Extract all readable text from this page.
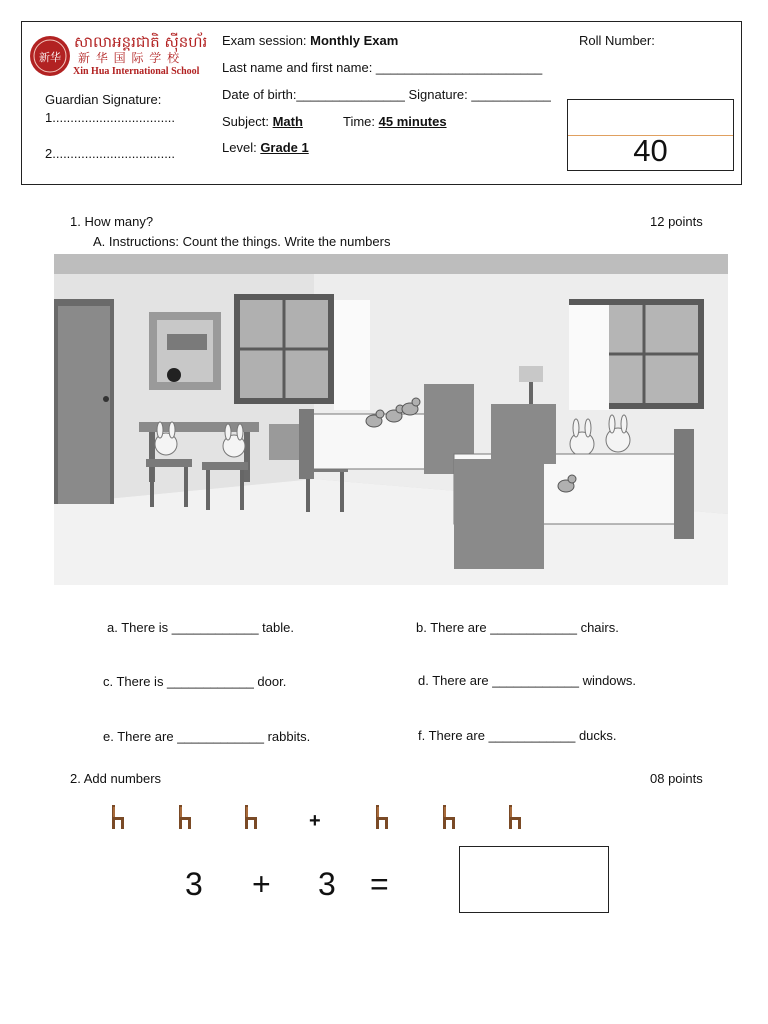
新华
សាលាអន្តរជាតិ ស៊ីនហ័រ
新 华 国 际 学 校
Xin Hua International School
Guardian Signature:
1..................................
2..................................
Exam session: Monthly Exam
Last name and first name: _______________________
Date of birth:_______________ Signature: ___________
Subject: Math	Time: 45 minutes
Level: Grade 1
Roll Number:
40
1. How many?	12 points
A. Instructions: Count the things. Write the numbers
a. There is ____________ table.	b. There are ____________ chairs.
c. There is ____________ door.	d. There are ____________ windows.
e. There are ____________ rabbits.	f. There are ____________ ducks.
2. Add numbers	08 points
+
3 + 3 =
